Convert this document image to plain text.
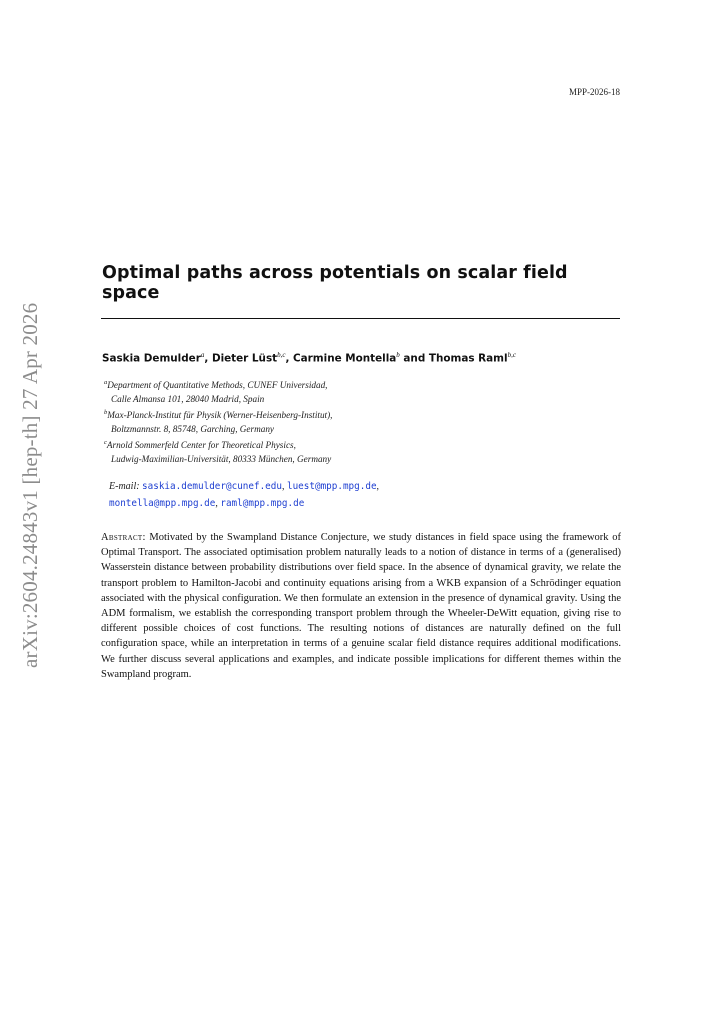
MPP-2026-18
arXiv:2604.24843v1 [hep-th] 27 Apr 2026
Optimal paths across potentials on scalar field space
Saskia Demulder$^a$, Dieter Lüst$^{b,c}$, Carmine Montella$^b$ and Thomas Raml$^{b,c}$
$^a$Department of Quantitative Methods, CUNEF Universidad,
Calle Almansa 101, 28040 Madrid, Spain
$^b$Max-Planck-Institut für Physik (Werner-Heisenberg-Institut),
Boltzmannstr. 8, 85748, Garching, Germany
$^c$Arnold Sommerfeld Center for Theoretical Physics,
Ludwig-Maximilian-Universität, 80333 München, Germany
E-mail: saskia.demulder@cunef.edu, luest@mpp.mpg.de,
montella@mpp.mpg.de, raml@mpp.mpg.de
Abstract: Motivated by the Swampland Distance Conjecture, we study distances in field space using the framework of Optimal Transport. The associated optimisation problem naturally leads to a notion of distance in terms of a (generalised) Wasserstein distance between probability distributions over field space. In the absence of dynamical gravity, we relate the transport problem to Hamilton-Jacobi and continuity equations arising from a WKB expansion of a Schrödinger equation associated with the physical configuration. We then formulate an extension in the presence of dynamical gravity. Using the ADM formalism, we establish the corresponding transport problem through the Wheeler-DeWitt equation, giving rise to different possible choices of cost functions. The resulting notions of distances are naturally defined on the full configuration space, while an interpretation in terms of a genuine scalar field distance requires additional modifications. We further discuss several applications and examples, and indicate possible implications for different themes within the Swampland program.
